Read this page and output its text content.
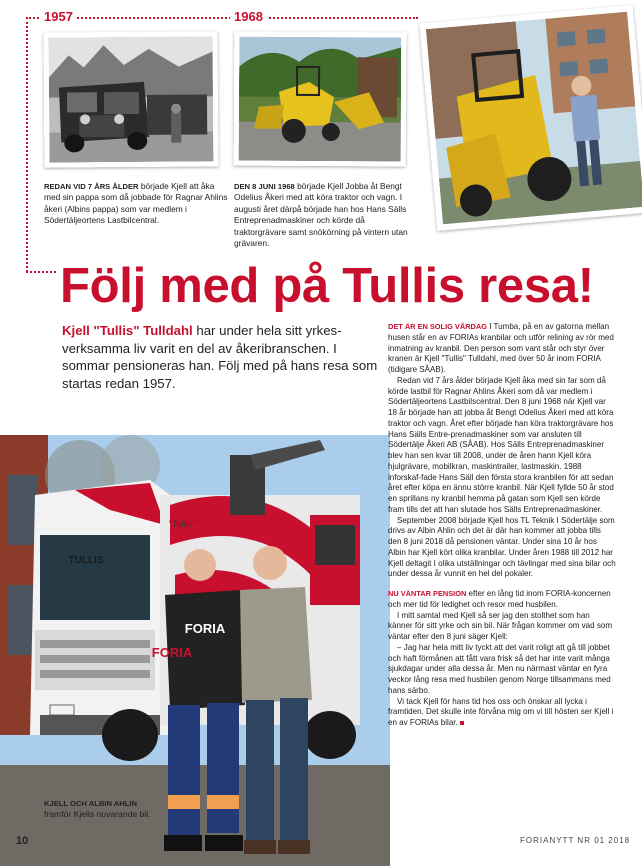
1957	1968
REDAN VID 7 ÅRS ÅLDER började Kjell att åka med sin pappa som då jobbade för Ragnar Ahlins åkeri (Albins pappa) som var medlem i Södertäljeortens Lastbilcentral.
DEN 8 JUNI 1968 började Kjell Jobba åt Bengt Odelius Åkeri med att köra traktor och vagn. I augusti året därpå började han hos Hans Sälls Entreprenadmaskiner och körde då traktorgrävare samt snökörning på vintern utan grävaren.
Följ med på Tullis resa!
Kjell "Tullis" Tulldahl har under hela sitt yrkes-verksamma liv varit en del av åkeribranschen. I sommar pensioneras han. Följ med på hans resa som startas redan 1957.
TULLIS
FORIA
FORIA
"Tullis"
KJELL OCH ALBIN AHLIN
framför Kjells nuvarande bil.

DET ÄR EN SOLIG VÅRDAG I Tumba, på en av gatorna mellan husen står en av FORIAs kranbilar och utför relining av rör med inmatning av kranbil. Den person som vant står och styr över kranen är Kjell "Tullis" Tulldahl, med över 50 år inom FORIA (tidigare SÅAB).

Redan vid 7 års ålder började Kjell åka med sin far som då körde lastbil för Ragnar Ahlins Åkeri som då var medlem i Södertäljeortens Lastbilscentral. Den 8 juni 1968 när Kjell var 18 år började han att jobba åt Bengt Odelius Åkeri med att köra traktor och vagn. Året efter började han köra traktorgrävare hos Hans Sälls Entre-prenadmaskiner som var ansluten till Södertälje Åkeri AB (SÅAB). Hos Sälls Entreprenadmaskiner blev han sen kvar till 2008, under de åren hann Kjell köra hjulgrävare, mobilkran, maskintrailer, lastmaskin. 1988 inforskaf-fade Hans Säll den första stora kranbilen för att sedan året efter köpa en ännu större kranbil. När Kjell fyllde 50 år stod en sprillans ny kranbil hemma på gatan som Kjell sen körde fram tills det att han slutade hos Sälls Entreprenadmaskiner.

September 2008 började Kjell hos TL Teknik I Södertälje som drivs av Albin Ahlin och det är där han kommer att jobba tills den 8 juni 2018 då pensionen väntar. Under sina 10 år hos Albin har Kjell kört olika kranbilar. Under åren 1988 till 2012 har Kjell deltagit I olika utställningar och tävlingar med sina bilar och under dessa år vunnit en hel del pokaler.

NU VÄNTAR PENSION efter en lång tid inom FORIA-koncernen och mer tid för ledighet och resor med husbilen.

I mitt samtal med Kjell så ser jag den stolthet som han känner för sitt yrke och sin bil. När frågan kommer om vad som väntar efter den 8 juni säger Kjell:

– Jag har hela mitt liv tyckt att det varit roligt att gå till jobbet och haft förmånen att fått vara frisk så det har inte varit många sjukdagar under alla dessa år. Men nu närmast väntar en fyra veckor lång resa med husbilen genom Norge tillsammans med hans särbo.

Vi tack Kjell för hans tid hos oss och önskar all lycka i framtiden. Det skulle inte förvåna mig om vi till hösten ser Kjell i en av FORIAs bilar.

10	FORIANYTT NR 01 2018
